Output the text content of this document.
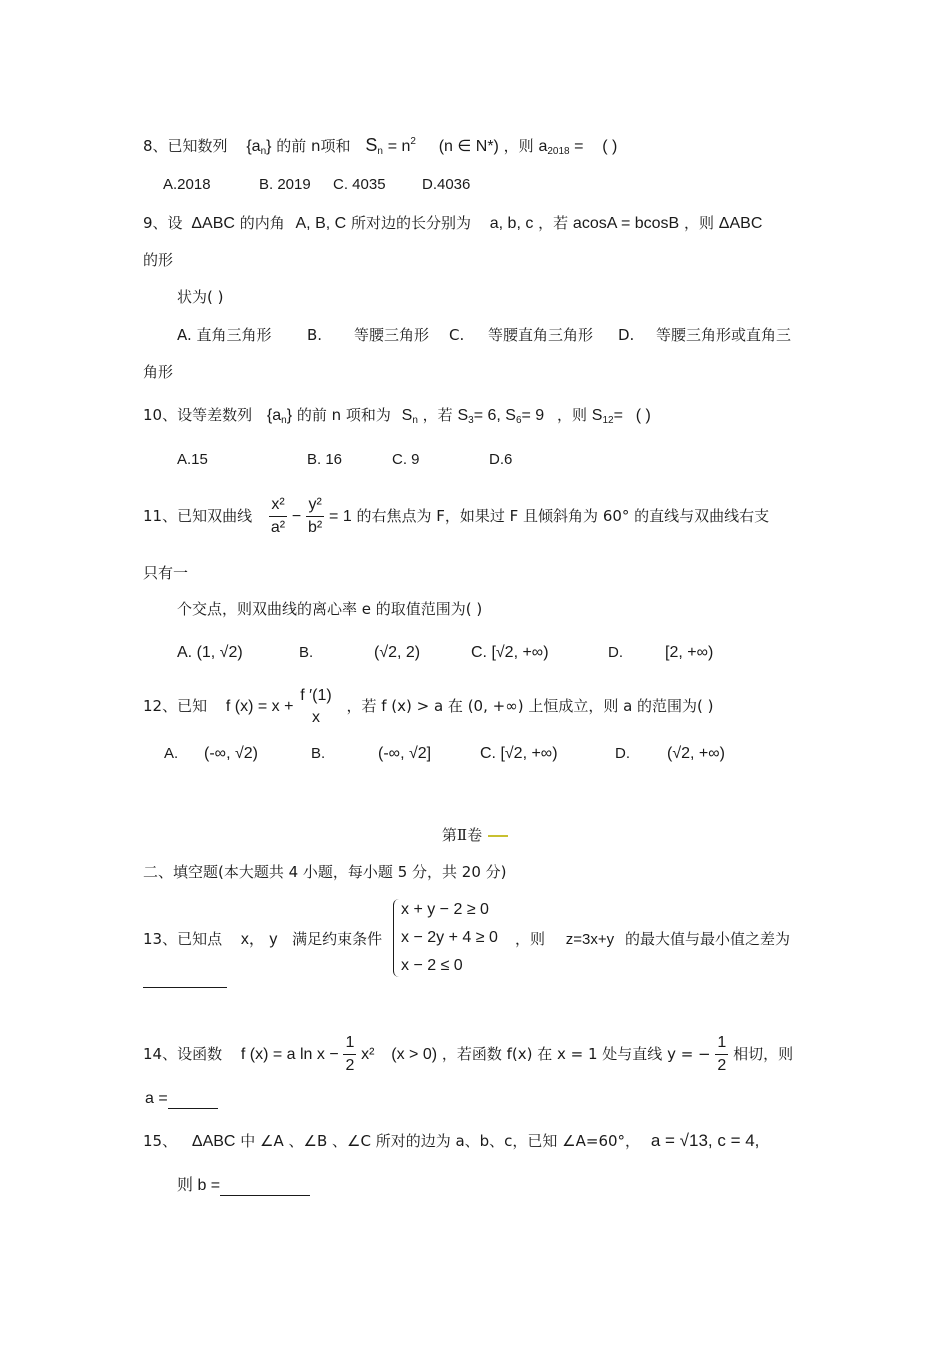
8、已知数列 $\{a_n\}$ 的前 n项和 $S_n = n^2$ (n ∈ N*) ，则 $a_{2018}$ = ( )
A.2018	B. 2019 C. 4035 D.4036
9、设 ΔABC 的内角 A, B, C 所对边的长分别为 a, b, c ，若 acosA = bcosB ，则 ΔABC
的形
状为( )
A. 直角三角形 B. 等腰三角形 C. 等腰直角三角形 D. 等腰三角形或直角三
角形
10、设等差数列 $\{a_n\}$ 的前 n 项和为 $S_n$ ，若 $S_3= 6$, $S_6= 9$ ，则 $S_{12}=$ ( )
A.15	B. 16	C. 9	D.6
11、已知双曲线 $\frac{\text{x²}}{\text{a²}} - \frac{\text{y²}}{\text{b²}} = 1$ 的右焦点为 F，如果过 F 且倾斜角为 60° 的直线与双曲线右支
只有一
个交点，则双曲线的离心率 e 的取值范围为( )
A. (1, √2)	B.	(√2, 2)	C. [√2, +∞)	D.	[2, +∞)
12、已知 f (x) = x +
f ′(1)
x
，若 f (x) > a 在 (0, +∞) 上恒成立，则 a 的范围为( )
A. (-∞, √2)	B.	(-∞, √2]	C. [√2, +∞)	D. (√2, +∞)
第Ⅱ卷
二、填空题(本大题共 4 小题，每小题 5 分，共 20 分)
13、已知点 x， y 满足约束条件
x + y − 2 ≥ 0
x − 2y + 4 ≥ 0
x − 2 ≤ 0
，则 z=3x+y 的最大值与最小值之差为
14、设函数 f (x) = a $\ln x - \frac{1}{2} x^2$ (x > 0) ，若函数 f(x) 在 x = 1 处与直线 y = − $\frac{1}{2}$ 相切，则
a =
15、 ΔABC 中 ∠A 、∠B 、∠C 所对的边为 a、b、c，已知 ∠A=60°， a = √13, c = 4,
则 b =
